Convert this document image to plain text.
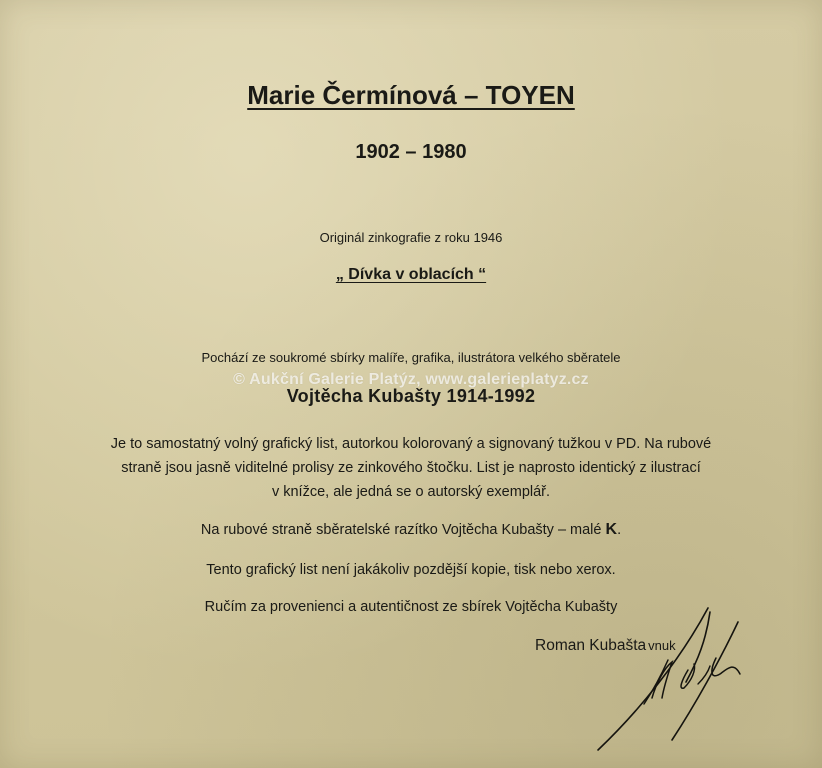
Marie Čermínová – TOYEN
1902 – 1980
Originál zinkografie z roku 1946
„ Dívka v oblacích “
Pochází ze soukromé sbírky malíře, grafika, ilustrátora velkého sběratele
Vojtěcha Kubašty 1914-1992
© Aukční Galerie Platýz, www.galerieplatyz.cz
Je to samostatný volný grafický list, autorkou kolorovaný a signovaný tužkou v PD. Na rubové
straně jsou jasně viditelné prolisy ze zinkového štočku. List je naprosto identický z ilustrací
v knížce, ale jedná se o autorský exemplář.
Na rubové straně sběratelské razítko Vojtěcha Kubašty – malé K.
Tento grafický list není jakákoliv pozdější kopie, tisk nebo xerox.
Ručím za provenienci a autentičnost ze sbírek Vojtěcha Kubašty
Roman Kubašta vnuk
